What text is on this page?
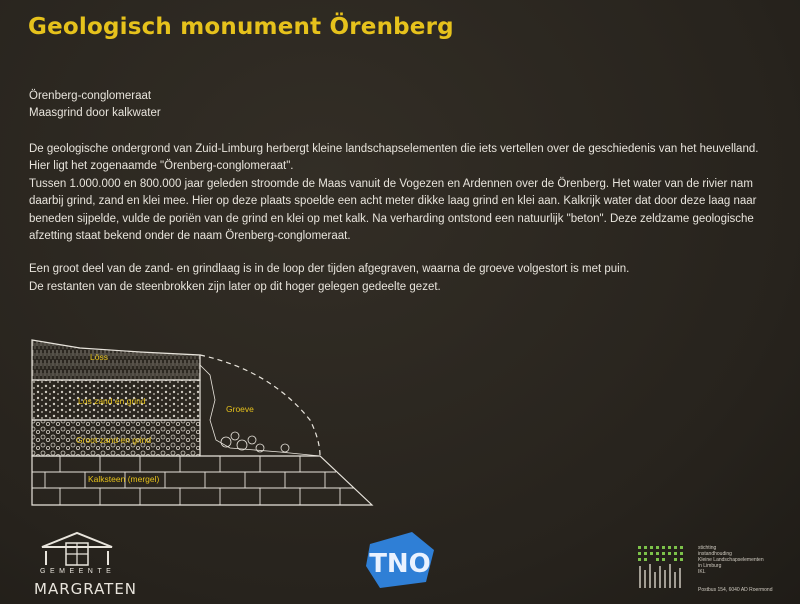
Geologisch monument Örenberg
Örenberg-conglomeraat
Maasgrind door kalkwater

De geologische ondergrond van Zuid-Limburg herbergt kleine landschapselementen die iets vertellen over de geschiedenis van het heuvelland. Hier ligt het zogenaamde "Örenberg-conglomeraat".

Tussen 1.000.000 en 800.000 jaar geleden stroomde de Maas vanuit de Vogezen en Ardennen over de Örenberg. Het water van de rivier nam daarbij grind, zand en klei mee. Hier op deze plaats spoelde een acht meter dikke laag grind en klei aan. Kalkrijk water dat door deze laag naar beneden sijpelde, vulde de poriën van de grind en klei op met kalk. Na verharding ontstond een natuurlijk "beton". Deze zeldzame geologische afzetting staat bekend onder de naam Örenberg-conglomeraat.

Een groot deel van de zand- en grindlaag is in de loop der tijden afgegraven, waarna de groeve volgestort is met puin.

De restanten van de steenbrokken zijn later op dit hoger gelegen gedeelte gezet.

Löss
Los zand en grind
Groeve
Groot zand en grind
Kalksteen (mergel)
GEMEENTE
MARGRATEN
TNO
stichting
instandhouding
Kleine Landschapselementen
in Limburg
IKL
Postbus 154, 6040 AD Roermond
